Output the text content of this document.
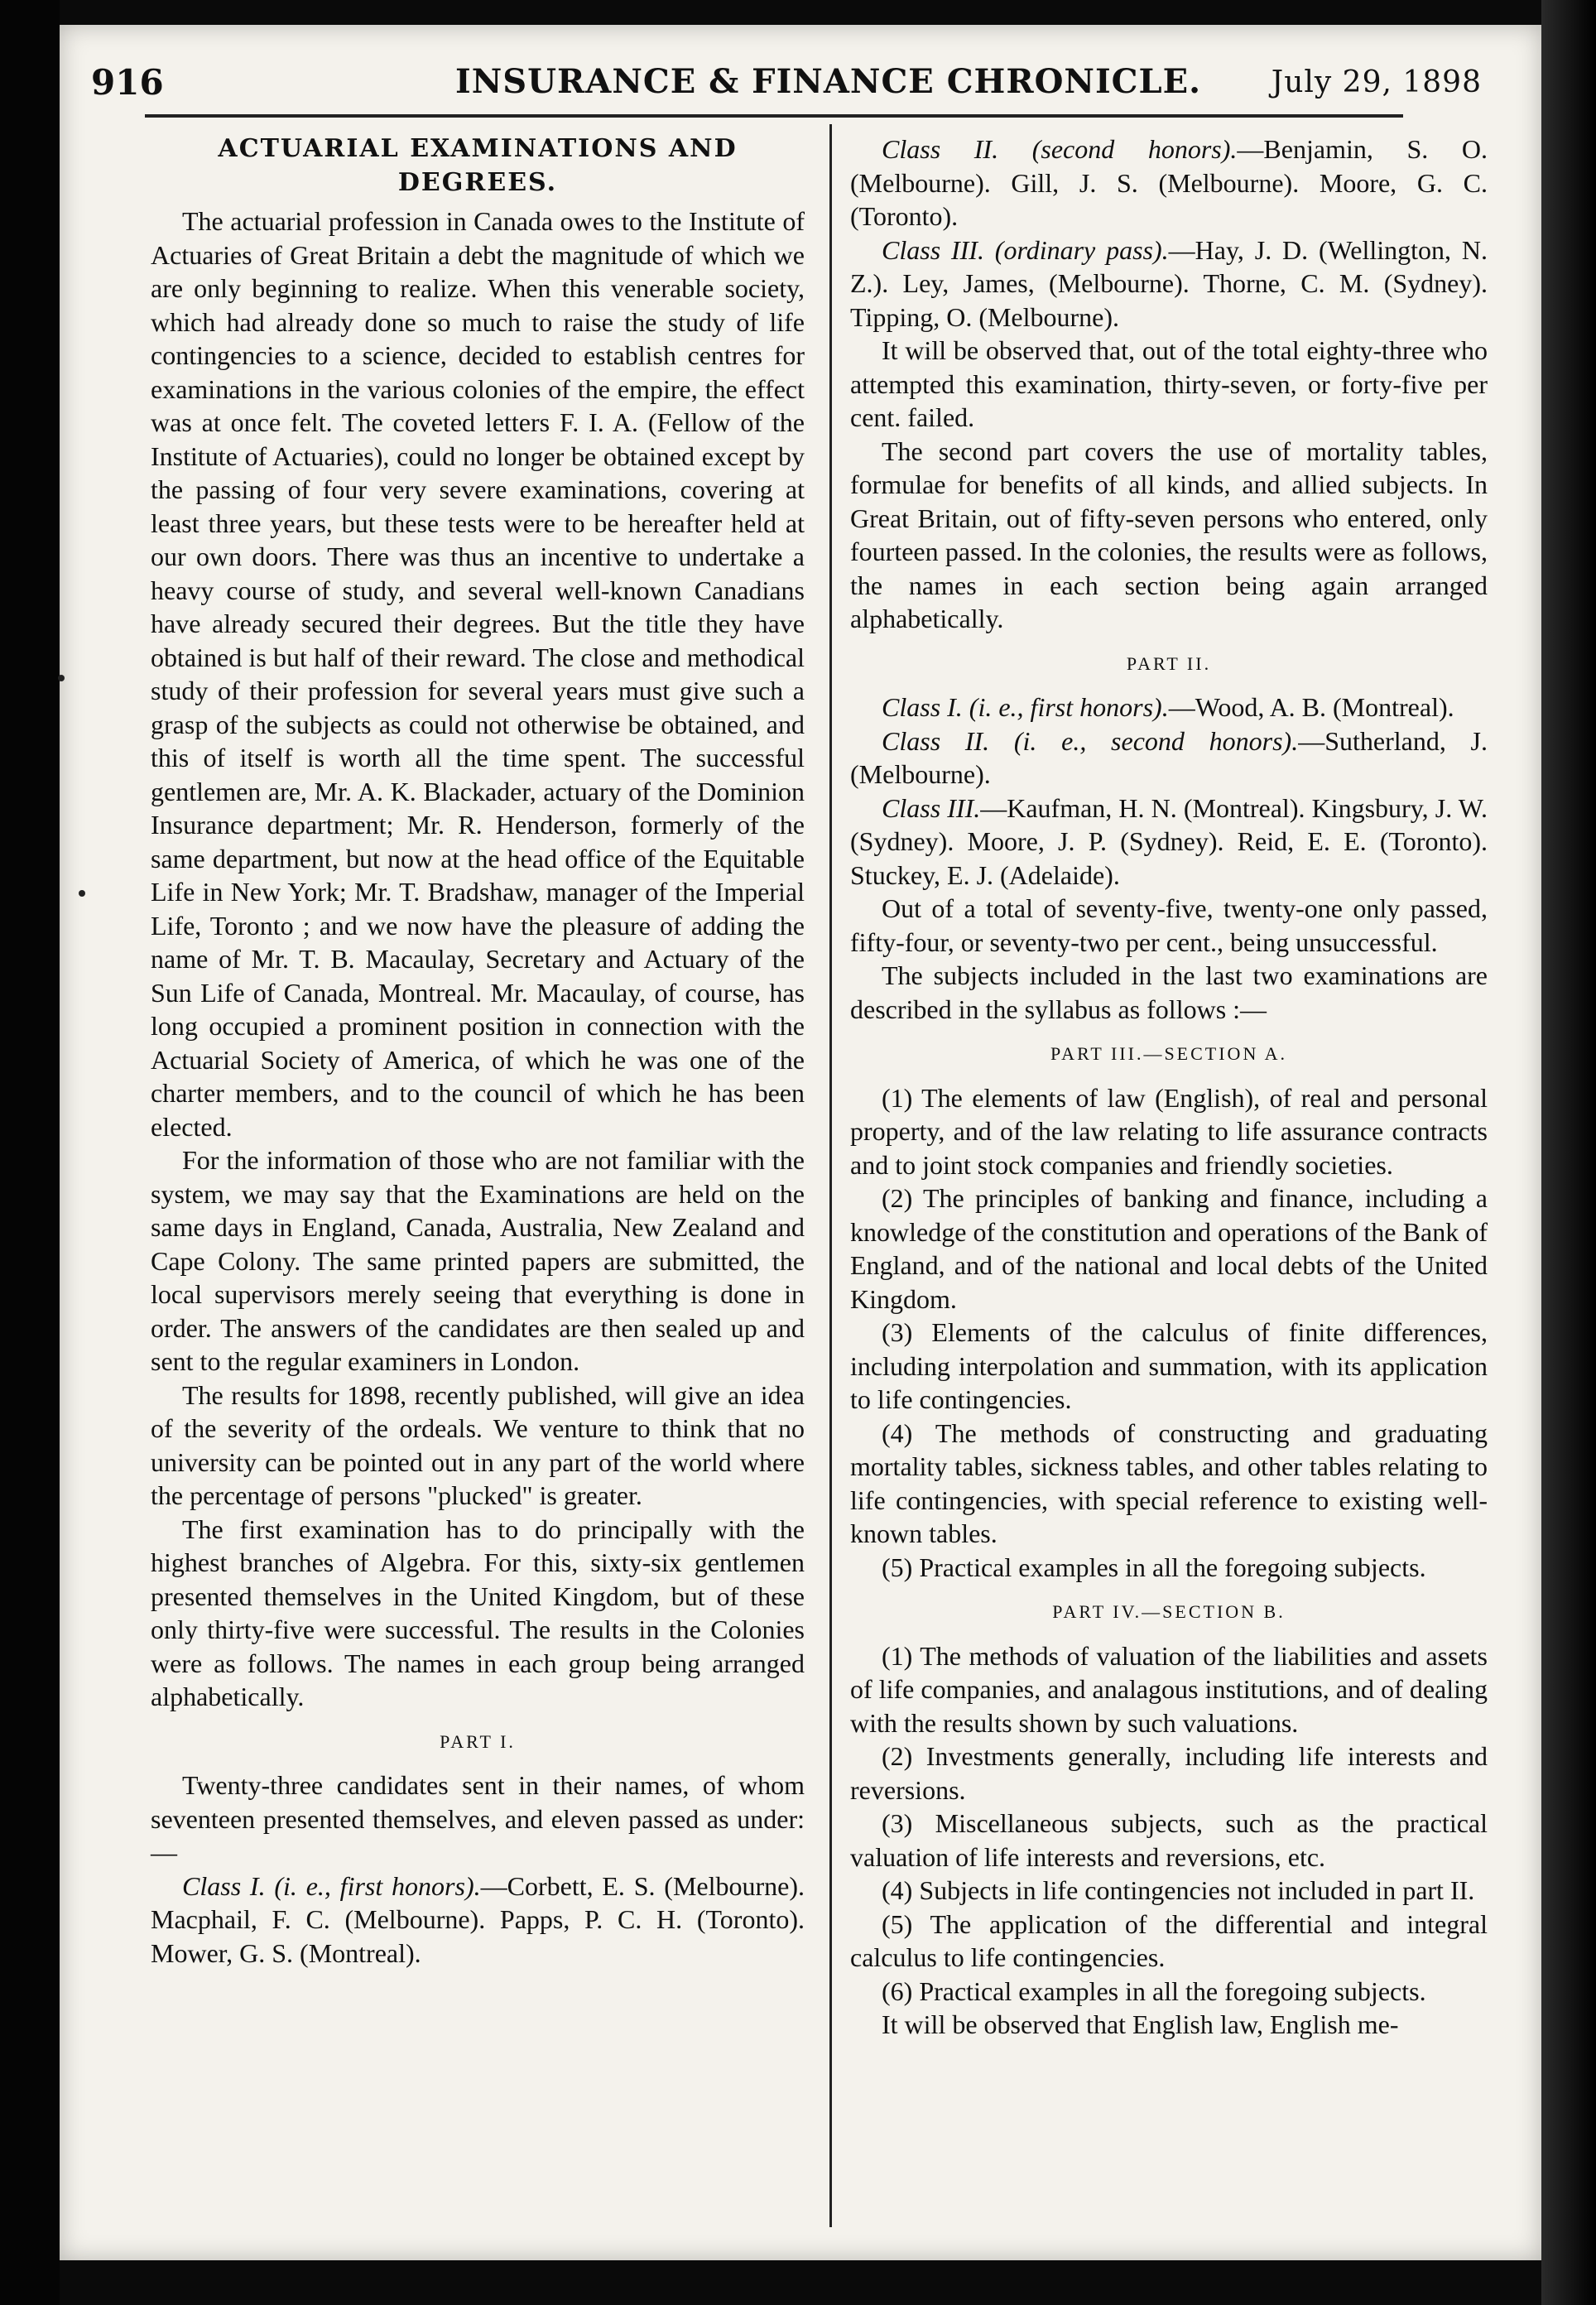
916	INSURANCE & FINANCE CHRONICLE. July 29, 1898
ACTUARIAL EXAMINATIONS AND DEGREES.

The actuarial profession in Canada owes to the Institute of Actuaries of Great Britain a debt the magnitude of which we are only beginning to realize. When this venerable society, which had already done so much to raise the study of life contingencies to a science, decided to establish centres for examinations in the various colonies of the empire, the effect was at once felt. The coveted letters F. I. A. (Fellow of the Institute of Actuaries), could no longer be obtained except by the passing of four very severe examinations, covering at least three years, but these tests were to be hereafter held at our own doors. There was thus an incentive to undertake a heavy course of study, and several well-known Canadians have already secured their degrees. But the title they have obtained is but half of their reward. The close and methodical study of their profession for several years must give such a grasp of the subjects as could not otherwise be obtained, and this of itself is worth all the time spent. The successful gentlemen are, Mr. A. K. Blackader, actuary of the Dominion Insurance department; Mr. R. Henderson, formerly of the same department, but now at the head office of the Equitable Life in New York; Mr. T. Bradshaw, manager of the Imperial Life, Toronto ; and we now have the pleasure of adding the name of Mr. T. B. Macaulay, Secretary and Actuary of the Sun Life of Canada, Montreal. Mr. Macaulay, of course, has long occupied a prominent position in connection with the Actuarial Society of America, of which he was one of the charter members, and to the council of which he has been elected.

For the information of those who are not familiar with the system, we may say that the Examinations are held on the same days in England, Canada, Australia, New Zealand and Cape Colony. The same printed papers are submitted, the local supervisors merely seeing that everything is done in order. The answers of the candidates are then sealed up and sent to the regular examiners in London.

The results for 1898, recently published, will give an idea of the severity of the ordeals. We venture to think that no university can be pointed out in any part of the world where the percentage of persons "plucked" is greater.

The first examination has to do principally with the highest branches of Algebra. For this, sixty-six gentlemen presented themselves in the United Kingdom, but of these only thirty-five were successful. The results in the Colonies were as follows. The names in each group being arranged alphabetically.

PART I.

Twenty-three candidates sent in their names, of whom seventeen presented themselves, and eleven passed as under:—

Class I. (i. e., first honors).—Corbett, E. S. (Melbourne). Macphail, F. C. (Melbourne). Papps, P. C. H. (Toronto). Mower, G. S. (Montreal).

Class II. (second honors).—Benjamin, S. O. (Melbourne). Gill, J. S. (Melbourne). Moore, G. C. (Toronto).

Class III. (ordinary pass).—Hay, J. D. (Wellington, N. Z.). Ley, James, (Melbourne). Thorne, C. M. (Sydney). Tipping, O. (Melbourne).

It will be observed that, out of the total eighty-three who attempted this examination, thirty-seven, or forty-five per cent. failed.

The second part covers the use of mortality tables, formulae for benefits of all kinds, and allied subjects. In Great Britain, out of fifty-seven persons who entered, only fourteen passed. In the colonies, the results were as follows, the names in each section being again arranged alphabetically.

PART II.

Class I. (i. e., first honors).—Wood, A. B. (Montreal).

Class II. (i. e., second honors).—Sutherland, J. (Melbourne).

Class III.—Kaufman, H. N. (Montreal). Kingsbury, J. W. (Sydney). Moore, J. P. (Sydney). Reid, E. E. (Toronto). Stuckey, E. J. (Adelaide).

Out of a total of seventy-five, twenty-one only passed, fifty-four, or seventy-two per cent., being unsuccessful.

The subjects included in the last two examinations are described in the syllabus as follows :—

PART III.—SECTION A.

(1) The elements of law (English), of real and personal property, and of the law relating to life assurance contracts and to joint stock companies and friendly societies.

(2) The principles of banking and finance, including a knowledge of the constitution and operations of the Bank of England, and of the national and local debts of the United Kingdom.

(3) Elements of the calculus of finite differences, including interpolation and summation, with its application to life contingencies.

(4) The methods of constructing and graduating mortality tables, sickness tables, and other tables relating to life contingencies, with special reference to existing well-known tables.

(5) Practical examples in all the foregoing subjects.

PART IV.—SECTION B.

(1) The methods of valuation of the liabilities and assets of life companies, and analagous institutions, and of dealing with the results shown by such valuations.

(2) Investments generally, including life interests and reversions.

(3) Miscellaneous subjects, such as the practical valuation of life interests and reversions, etc.

(4) Subjects in life contingencies not included in part II.

(5) The application of the differential and integral calculus to life contingencies.

(6) Practical examples in all the foregoing subjects.

It will be observed that English law, English me-
